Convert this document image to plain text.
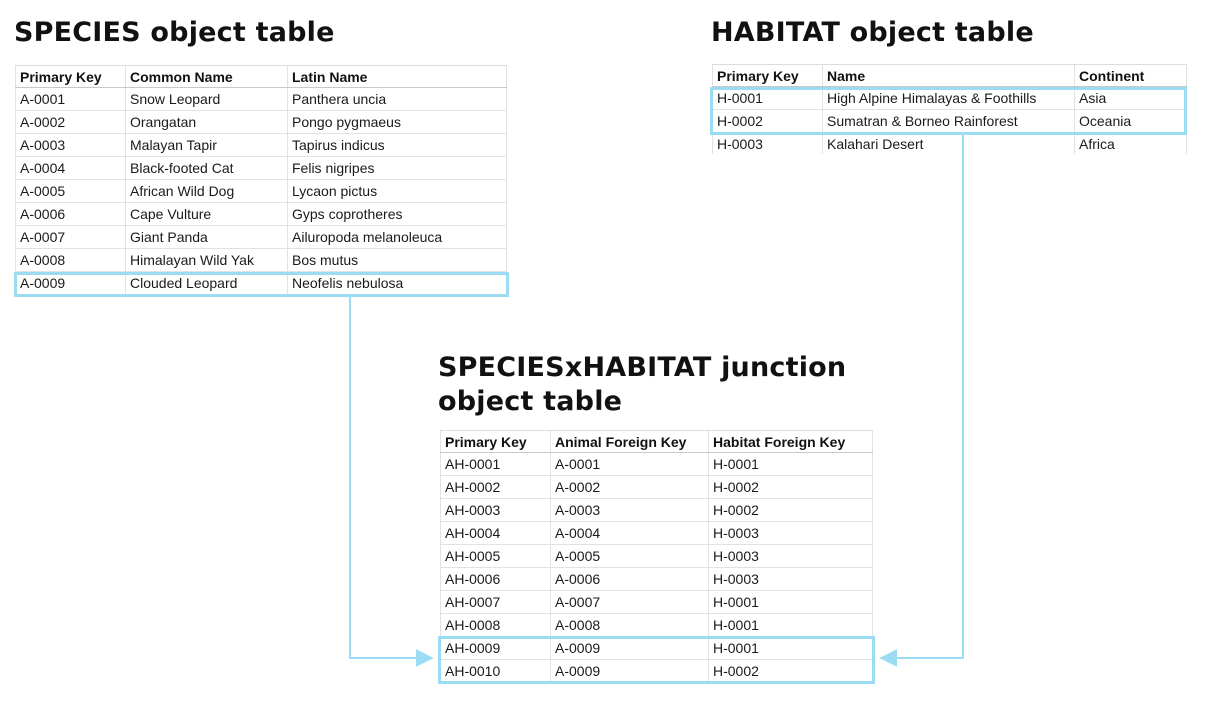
SPECIES object table	HABITAT object table
SPECIESxHABITAT junction
object table
Primary Key	Common Name	Latin Name
A-0001	Snow Leopard	Panthera uncia
A-0002	Orangatan	Pongo pygmaeus
A-0003	Malayan Tapir	Tapirus indicus
A-0004	Black-footed Cat	Felis nigripes
A-0005	African Wild Dog	Lycaon pictus
A-0006	Cape Vulture	Gyps coprotheres
A-0007	Giant Panda	Ailuropoda melanoleuca
A-0008	Himalayan Wild Yak	Bos mutus
A-0009	Clouded Leopard	Neofelis nebulosa
Primary Key	Name	Continent
H-0001	High Alpine Himalayas & Foothills	Asia
H-0002	Sumatran & Borneo Rainforest	Oceania
H-0003	Kalahari Desert	Africa
Primary Key	Animal Foreign Key	Habitat Foreign Key
AH-0001	A-0001	H-0001
AH-0002	A-0002	H-0002
AH-0003	A-0003	H-0002
AH-0004	A-0004	H-0003
AH-0005	A-0005	H-0003
AH-0006	A-0006	H-0003
AH-0007	A-0007	H-0001
AH-0008	A-0008	H-0001
AH-0009	A-0009	H-0001
AH-0010	A-0009	H-0002
